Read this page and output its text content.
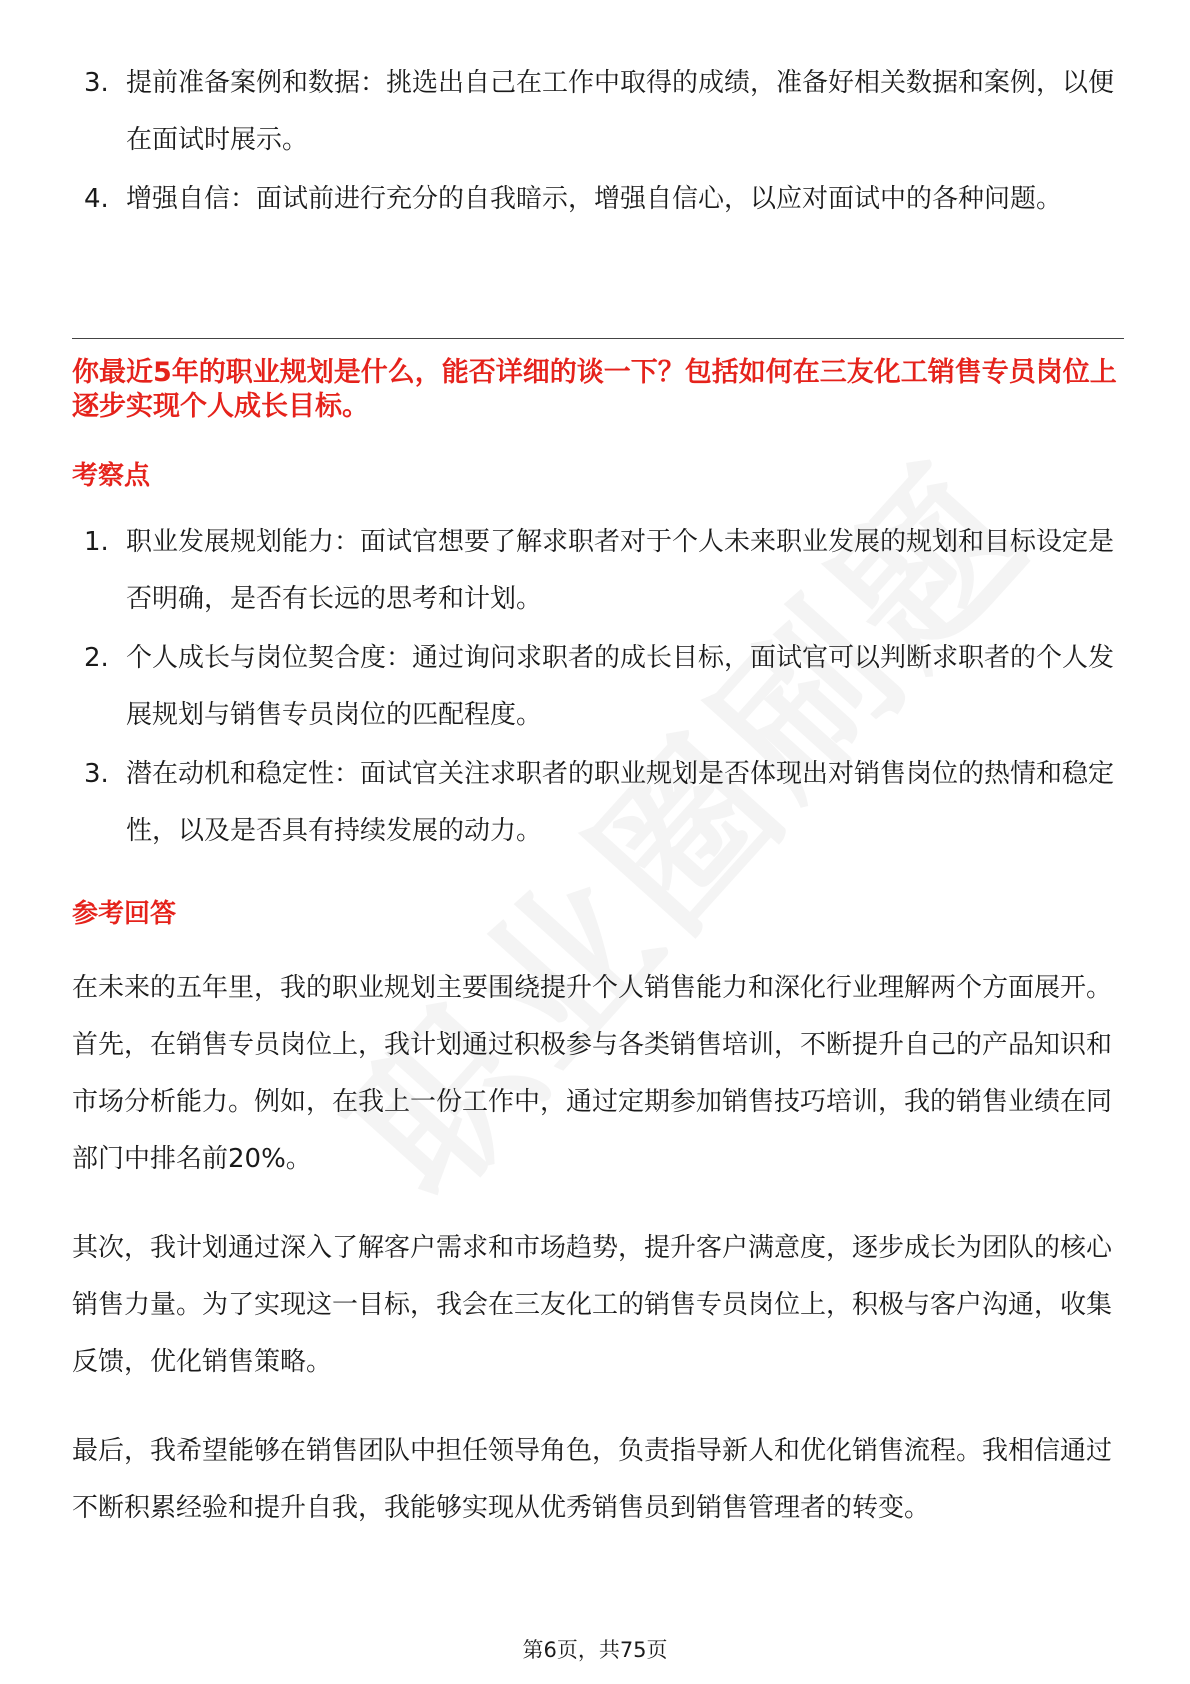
3. 提前准备案例和数据：挑选出自己在工作中取得的成绩，准备好相关数据和案例，以便在面试时展示。
4. 增强自信：面试前进行充分的自我暗示，增强自信心，以应对面试中的各种问题。

你最近5年的职业规划是什么，能否详细的谈一下？包括如何在三友化工销售专员岗位上逐步实现个人成长目标。

考察点

1. 职业发展规划能力：面试官想要了解求职者对于个人未来职业发展的规划和目标设定是否明确，是否有长远的思考和计划。
2. 个人成长与岗位契合度：通过询问求职者的成长目标，面试官可以判断求职者的个人发展规划与销售专员岗位的匹配程度。
3. 潜在动机和稳定性：面试官关注求职者的职业规划是否体现出对销售岗位的热情和稳定性，以及是否具有持续发展的动力。

参考回答

在未来的五年里，我的职业规划主要围绕提升个人销售能力和深化行业理解两个方面展开。首先，在销售专员岗位上，我计划通过积极参与各类销售培训，不断提升自己的产品知识和市场分析能力。例如，在我上一份工作中，通过定期参加销售技巧培训，我的销售业绩在同部门中排名前20%。

其次，我计划通过深入了解客户需求和市场趋势，提升客户满意度，逐步成长为团队的核心销售力量。为了实现这一目标，我会在三友化工的销售专员岗位上，积极与客户沟通，收集反馈，优化销售策略。

最后，我希望能够在销售团队中担任领导角色，负责指导新人和优化销售流程。我相信通过不断积累经验和提升自我，我能够实现从优秀销售员到销售管理者的转变。

第6页，共75页
